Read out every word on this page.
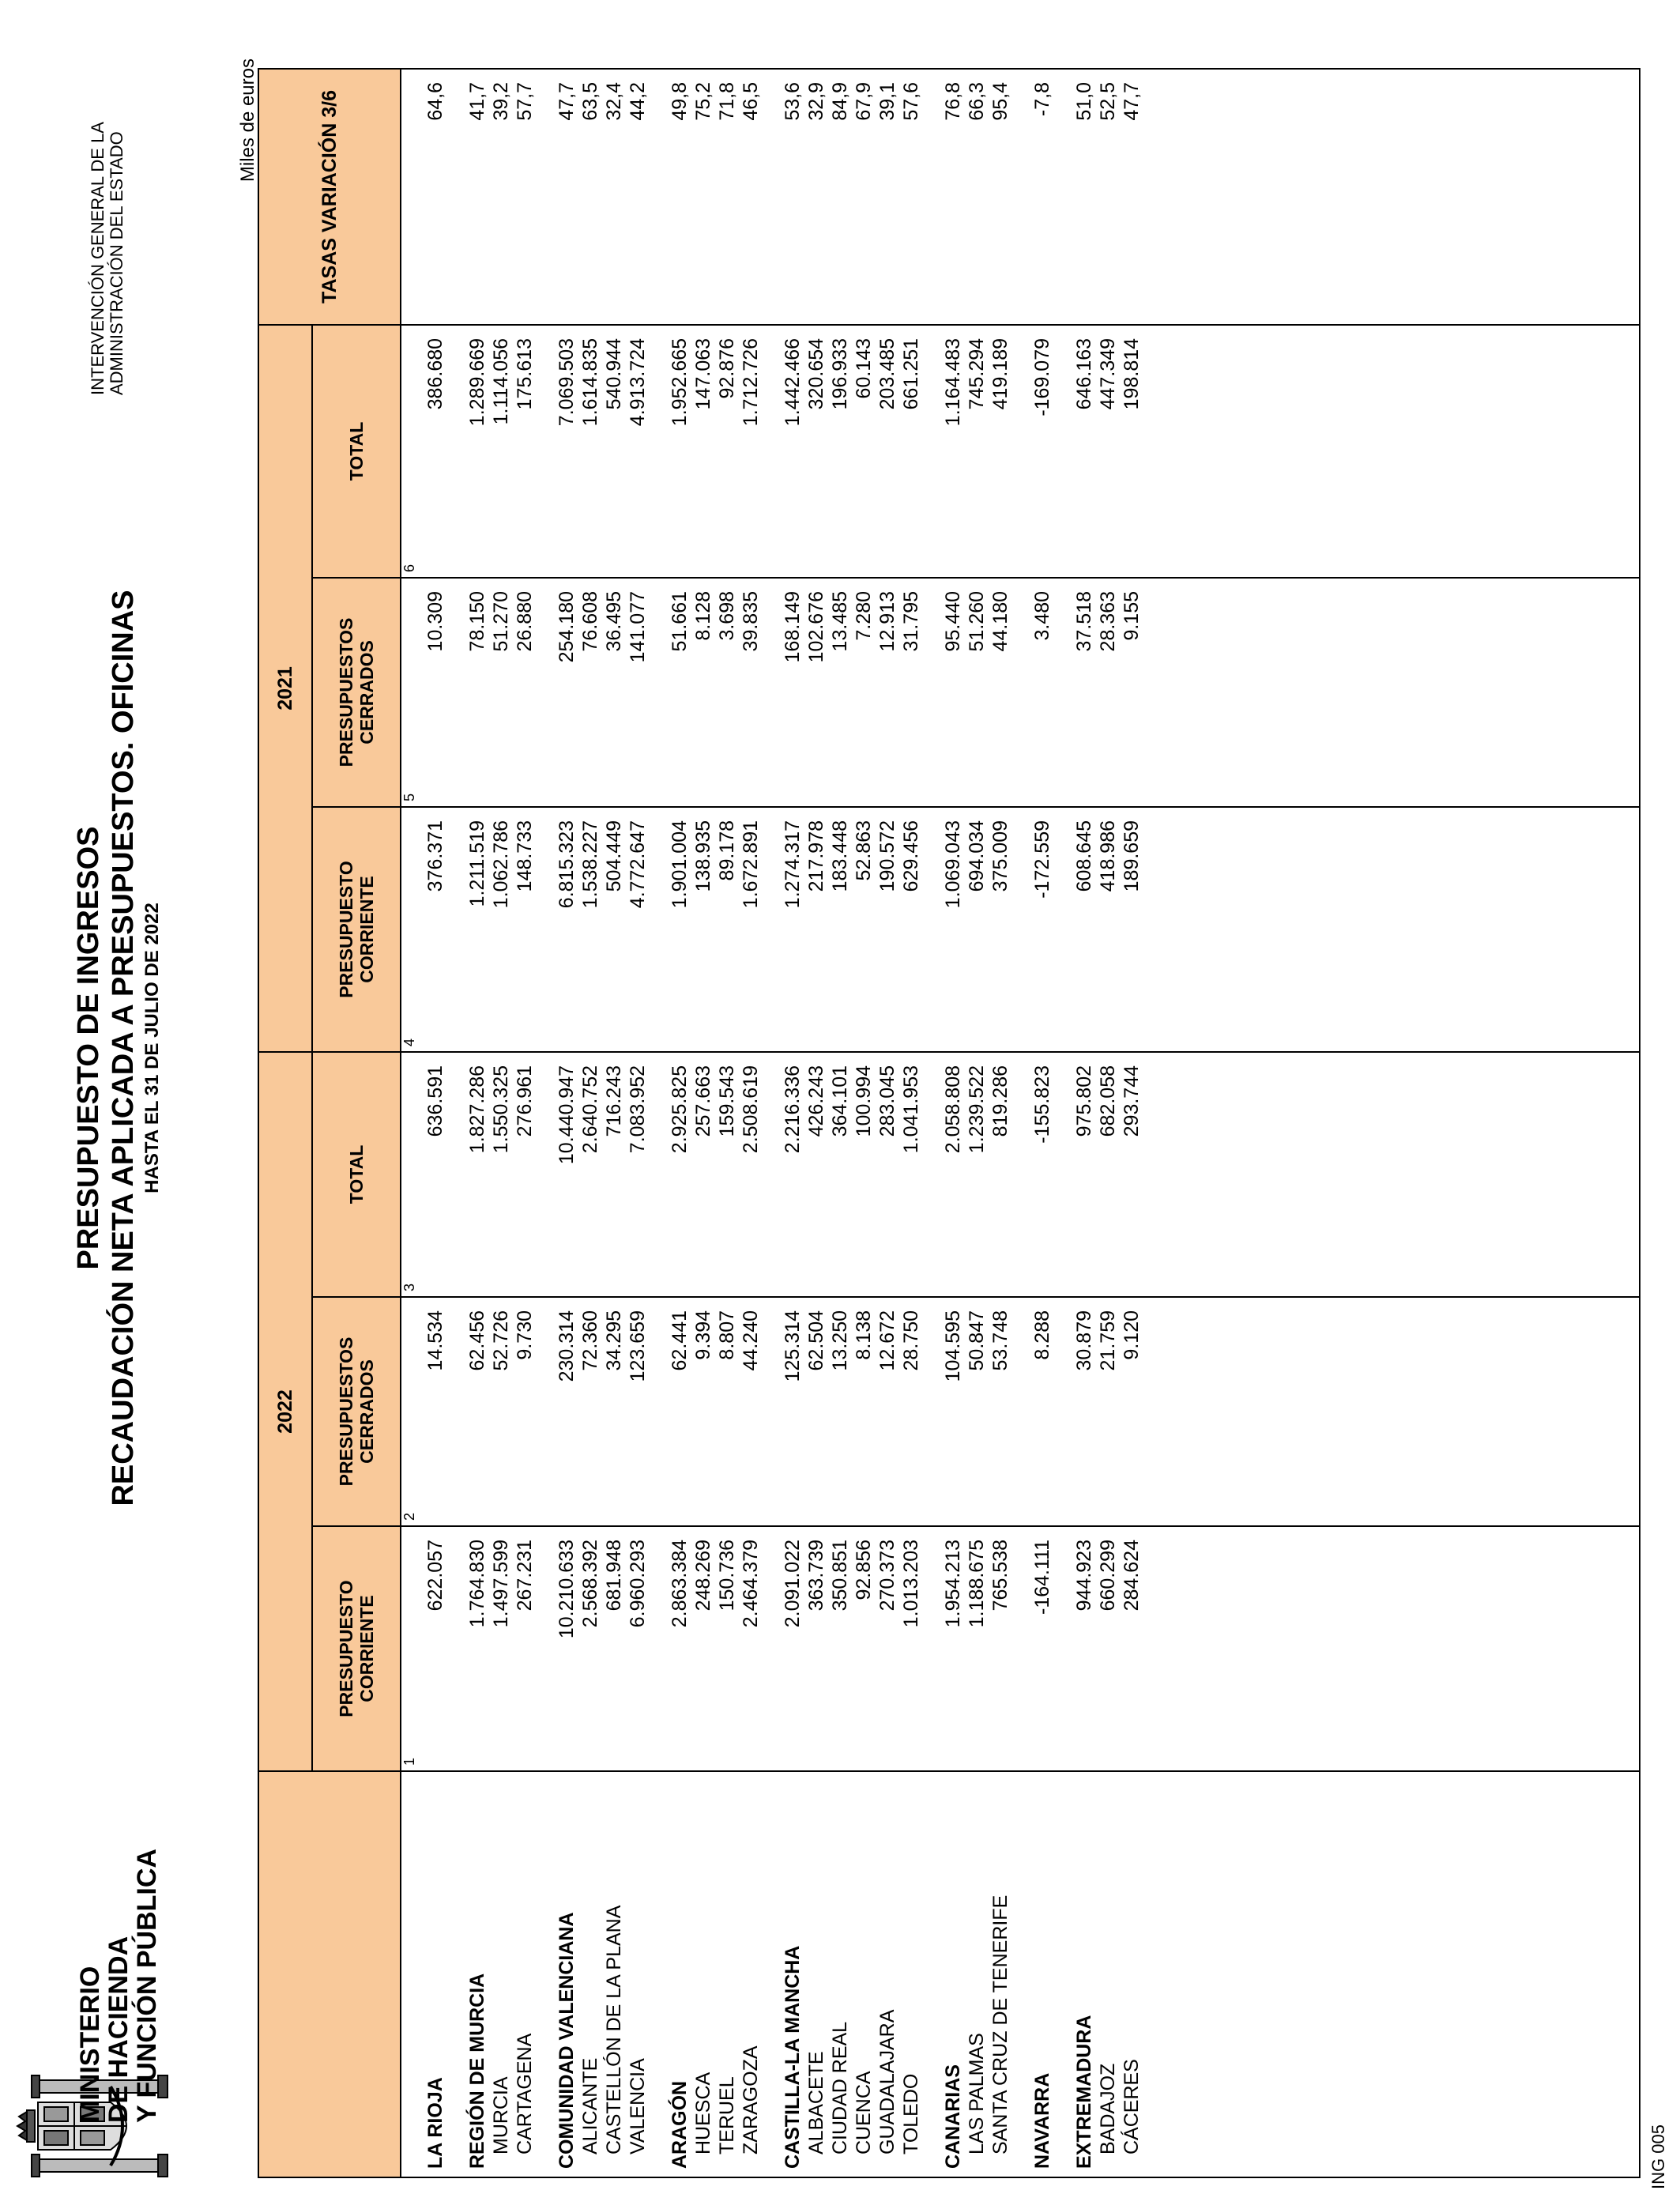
MINISTERIO
DE HACIENDA
Y FUNCIÓN PÚBLICA
PRESUPUESTO DE INGRESOS RECAUDACIÓN NETA APLICADA A PRESUPUESTOS. OFICINAS HASTA EL 31 DE JULIO DE 2022
INTERVENCIÓN GENERAL DE LA ADMINISTRACIÓN DEL ESTADO
Miles de euros
	2022			2021			TASAS VARIACIÓN 3/6
	PRESUPUESTO CORRIENTE	PRESUPUESTOS CERRADOS	TOTAL	PRESUPUESTO CORRIENTE	PRESUPUESTOS CERRADOS	TOTAL	
	1	2	3	4	5	6	
LA RIOJA	622.057	14.534	636.591	376.371	10.309	386.680	64,6

REGIÓN DE MURCIA	1.764.830	62.456	1.827.286	1.211.519	78.150	1.289.669	41,7
MURCIA	1.497.599	52.726	1.550.325	1.062.786	51.270	1.114.056	39,2
CARTAGENA	267.231	9.730	276.961	148.733	26.880	175.613	57,7

COMUNIDAD VALENCIANA	10.210.633	230.314	10.440.947	6.815.323	254.180	7.069.503	47,7
ALICANTE	2.568.392	72.360	2.640.752	1.538.227	76.608	1.614.835	63,5
CASTELLÓN DE LA PLANA	681.948	34.295	716.243	504.449	36.495	540.944	32,4
VALENCIA	6.960.293	123.659	7.083.952	4.772.647	141.077	4.913.724	44,2

ARAGÓN	2.863.384	62.441	2.925.825	1.901.004	51.661	1.952.665	49,8
HUESCA	248.269	9.394	257.663	138.935	8.128	147.063	75,2
TERUEL	150.736	8.807	159.543	89.178	3.698	92.876	71,8
ZARAGOZA	2.464.379	44.240	2.508.619	1.672.891	39.835	1.712.726	46,5

CASTILLA-LA MANCHA	2.091.022	125.314	2.216.336	1.274.317	168.149	1.442.466	53,6
ALBACETE	363.739	62.504	426.243	217.978	102.676	320.654	32,9
CIUDAD REAL	350.851	13.250	364.101	183.448	13.485	196.933	84,9
CUENCA	92.856	8.138	100.994	52.863	7.280	60.143	67,9
GUADALAJARA	270.373	12.672	283.045	190.572	12.913	203.485	39,1
TOLEDO	1.013.203	28.750	1.041.953	629.456	31.795	661.251	57,6

CANARIAS	1.954.213	104.595	2.058.808	1.069.043	95.440	1.164.483	76,8
LAS PALMAS	1.188.675	50.847	1.239.522	694.034	51.260	745.294	66,3
SANTA CRUZ DE TENERIFE	765.538	53.748	819.286	375.009	44.180	419.189	95,4

NAVARRA	-164.111	8.288	-155.823	-172.559	3.480	-169.079	-7,8

EXTREMADURA	944.923	30.879	975.802	608.645	37.518	646.163	51,0
BADAJOZ	660.299	21.759	682.058	418.986	28.363	447.349	52,5
CÁCERES	284.624	9.120	293.744	189.659	9.155	198.814	47,7

ING 005
